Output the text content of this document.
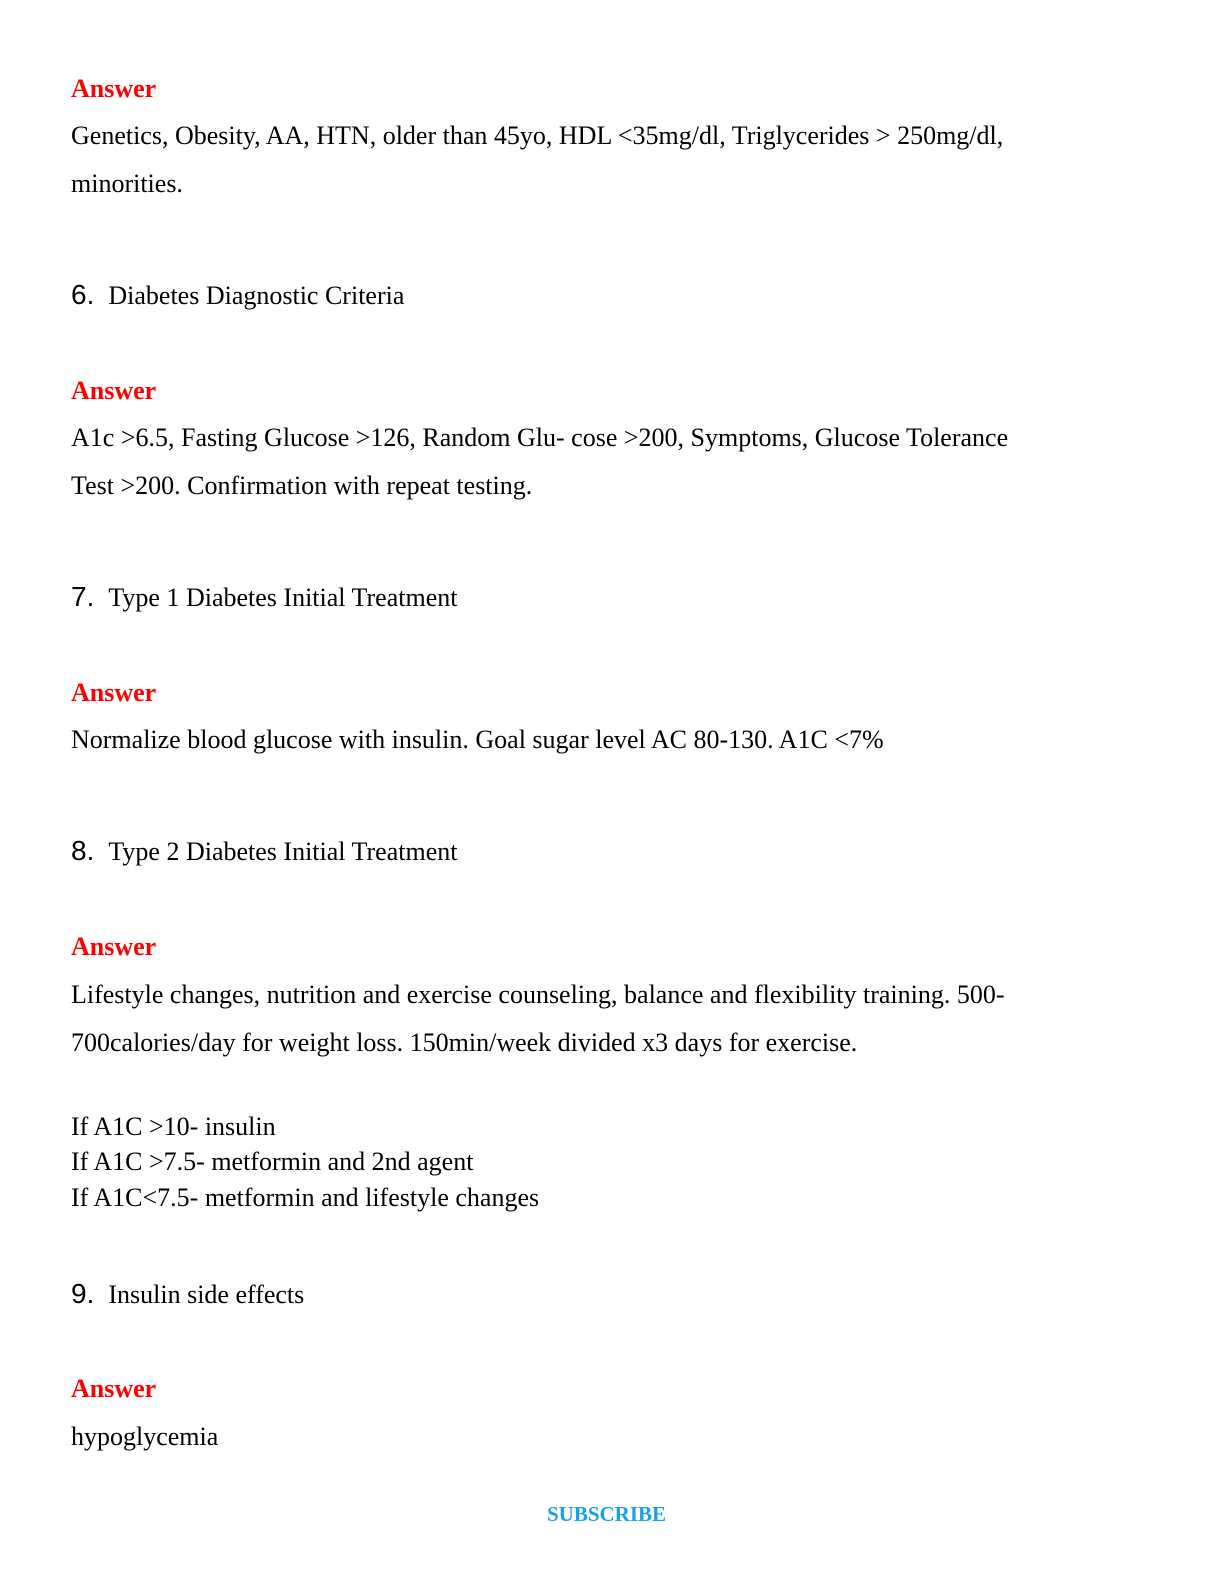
Answer
Genetics, Obesity, AA, HTN, older than 45yo, HDL <35mg/dl, Triglycerides > 250mg/dl,
minorities.
6. Diabetes Diagnostic Criteria
Answer
A1c >6.5, Fasting Glucose >126, Random Glu- cose >200, Symptoms, Glucose Tolerance
Test >200. Confirmation with repeat testing.
7. Type 1 Diabetes Initial Treatment
Answer
Normalize blood glucose with insulin. Goal sugar level AC 80-130. A1C <7%
8. Type 2 Diabetes Initial Treatment
Answer
Lifestyle changes, nutrition and exercise counseling, balance and flexibility training. 500-
700calories/day for weight loss. 150min/week divided x3 days for exercise.
If A1C >10- insulin
If A1C >7.5- metformin and 2nd agent
If A1C<7.5- metformin and lifestyle changes
9. Insulin side effects
Answer
hypoglycemia
SUBSCRIBE
